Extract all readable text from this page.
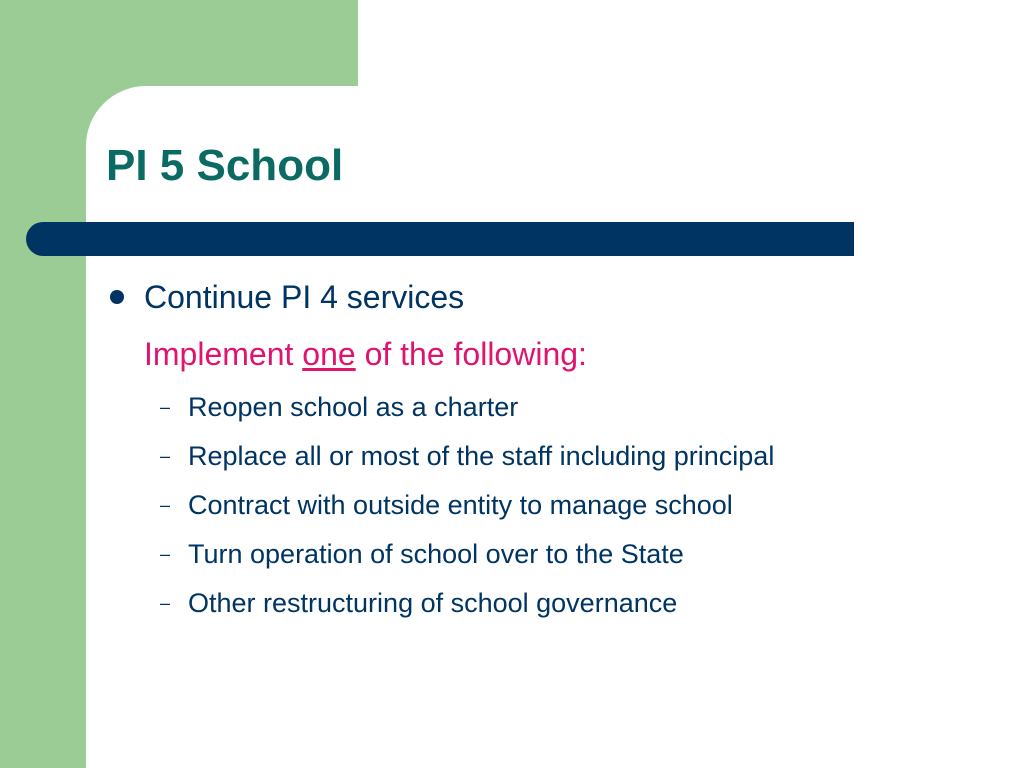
PI 5 School
Continue PI 4 services
Implement one of the following:
– Reopen school as a charter
– Replace all or most of the staff including principal
– Contract with outside entity to manage school
– Turn operation of school over to the State
– Other restructuring of school governance
